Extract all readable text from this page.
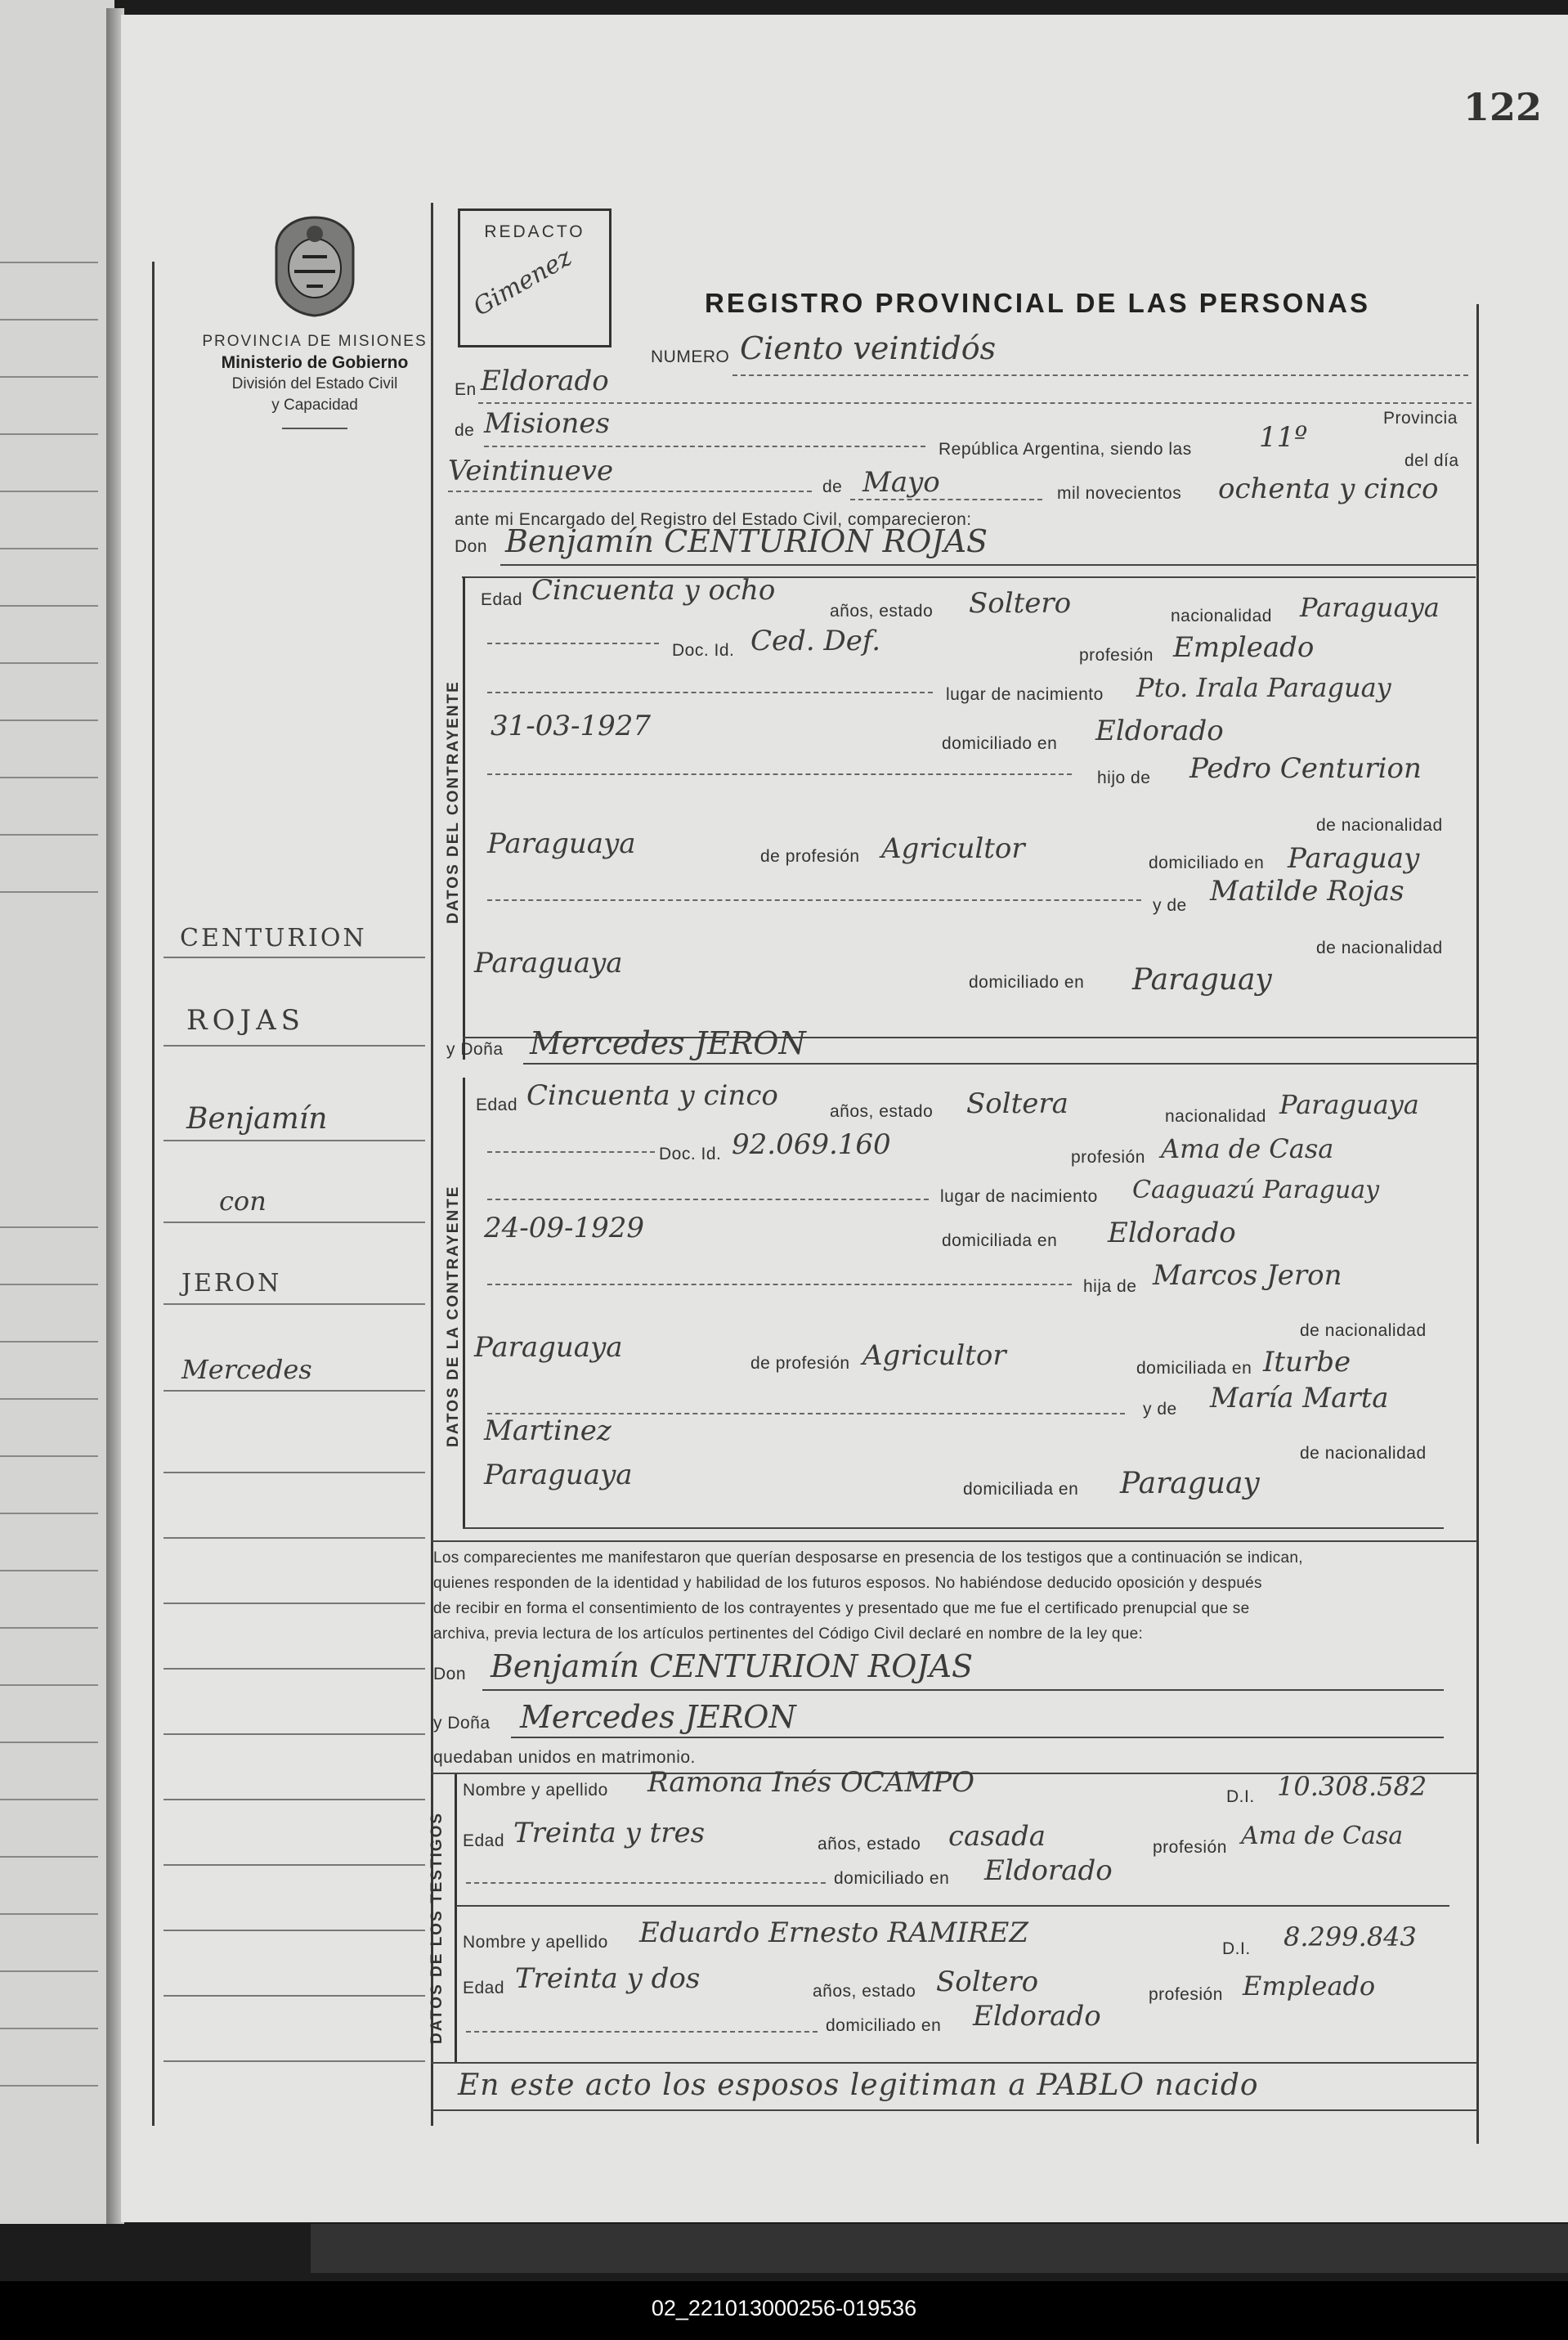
02_221013000256-019536
122
PROVINCIA DE MISIONES
Ministerio de Gobierno
División del Estado Civil
y Capacidad
REDACTO
Gimenez	REGISTRO PROVINCIAL DE LAS PERSONAS
NUMERO Ciento veintidós
En Eldorado
Provincia
de Misiones
República Argentina, siendo las 11º
del día
Veintinueve	de Mayo	mil novecientos ochenta y cinco
ante mi Encargado del Registro del Estado Civil, comparecieron:
Don Benjamín CENTURION ROJAS
DATOS DEL CONTRAYENTE
Edad Cincuenta y ocho
años, estado Soltero	nacionalidad Paraguaya
Doc. Id. Ced. Def.	profesión Empleado
lugar de nacimiento Pto. Irala Paraguay
31-03-1927
domiciliado en Eldorado
hijo de Pedro Centurion
de nacionalidad
Paraguaya	de profesión Agricultor	domiciliado en Paraguay
y de Matilde Rojas
de nacionalidad
Paraguaya
domiciliado en Paraguay
y Doña Mercedes JERON
DATOS DE LA CONTRAYENTE
Edad Cincuenta y cinco	años, estado Soltera	nacionalidad Paraguaya
Doc. Id. 92.069.160	profesión Ama de Casa
lugar de nacimiento Caaguazú Paraguay
24-09-1929	domiciliada en Eldorado
hija de Marcos Jeron
de nacionalidad
Paraguaya	de profesión Agricultor	domiciliada en Iturbe
y de María Marta
Martinez
de nacionalidad
Paraguaya	domiciliada en Paraguay
CENTURION
ROJAS
Benjamín
con
JERON
Mercedes
Los comparecientes me manifestaron que querían desposarse en presencia de los testigos que a continuación se indican,
quienes responden de la identidad y habilidad de los futuros esposos. No habiéndose deducido oposición y después
de recibir en forma el consentimiento de los contrayentes y presentado que me fue el certificado prenupcial que se
archiva, previa lectura de los artículos pertinentes del Código Civil declaré en nombre de la ley que:
Don Benjamín CENTURION ROJAS
y Doña Mercedes JERON
quedaban unidos en matrimonio.
DATOS DE LOS TESTIGOS
Nombre y apellido Ramona Inés OCAMPO	D.I. 10.308.582
Edad Treinta y tres	años, estado casada	profesión Ama de Casa
domiciliado en Eldorado
Nombre y apellido Eduardo Ernesto RAMIREZ	D.I. 8.299.843
Edad Treinta y dos	años, estado Soltero	profesión Empleado
domiciliado en Eldorado
En este acto los esposos legitiman a PABLO nacido
